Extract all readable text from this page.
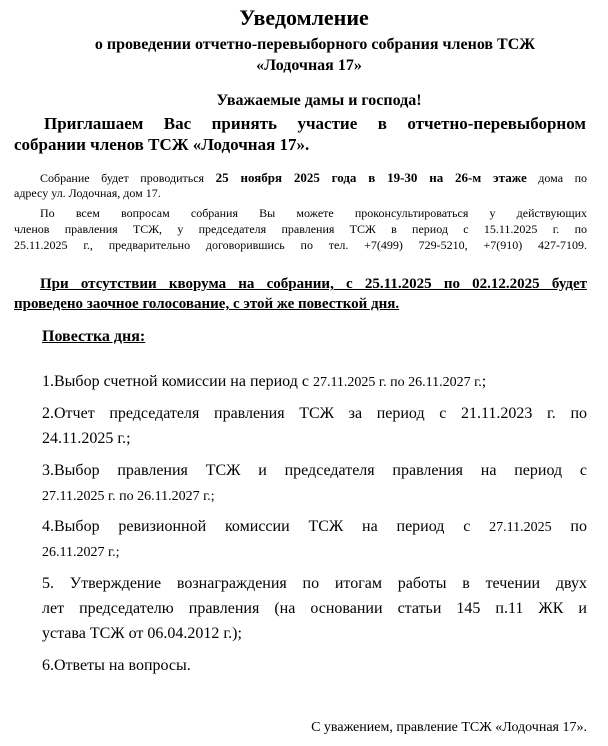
Уведомление
о проведении отчетно-перевыборного собрания членов ТСЖ
«Лодочная 17»
Уважаемые дамы и господа!
Приглашаем Вас принять участие в отчетно-перевыборном
собрании членов ТСЖ «Лодочная 17».
Собрание будет проводиться 25 ноября 2025 года в 19-30 на 26-м этаже дома по
адресу ул. Лодочная, дом 17.
По всем вопросам собрания Вы можете проконсультироваться у действующих
членов правления ТСЖ, у председателя правления ТСЖ в период с 15.11.2025 г. по
25.11.2025 г., предварительно договорившись по тел. +7(499) 729-5210, +7(910) 427-7109.
При отсутствии кворума на собрании, с 25.11.2025 по 02.12.2025 будет
проведено заочное голосование, с этой же повесткой дня.
Повестка дня:
1.Выбор счетной комиссии на период с 27.11.2025 г. по 26.11.2027 г.;
2.Отчет председателя правления ТСЖ за период с 21.11.2023 г. по
24.11.2025 г.;
3.Выбор правления ТСЖ и председателя правления на период с
27.11.2025 г. по 26.11.2027 г.;
4.Выбор ревизионной комиссии ТСЖ на период с 27.11.2025 по
26.11.2027 г.;
5. Утверждение вознаграждения по итогам работы в течении двух
лет председателю правления (на основании статьи 145 п.11 ЖК и
устава ТСЖ от 06.04.2012 г.);
6.Ответы на вопросы.
С уважением, правление ТСЖ «Лодочная 17».
